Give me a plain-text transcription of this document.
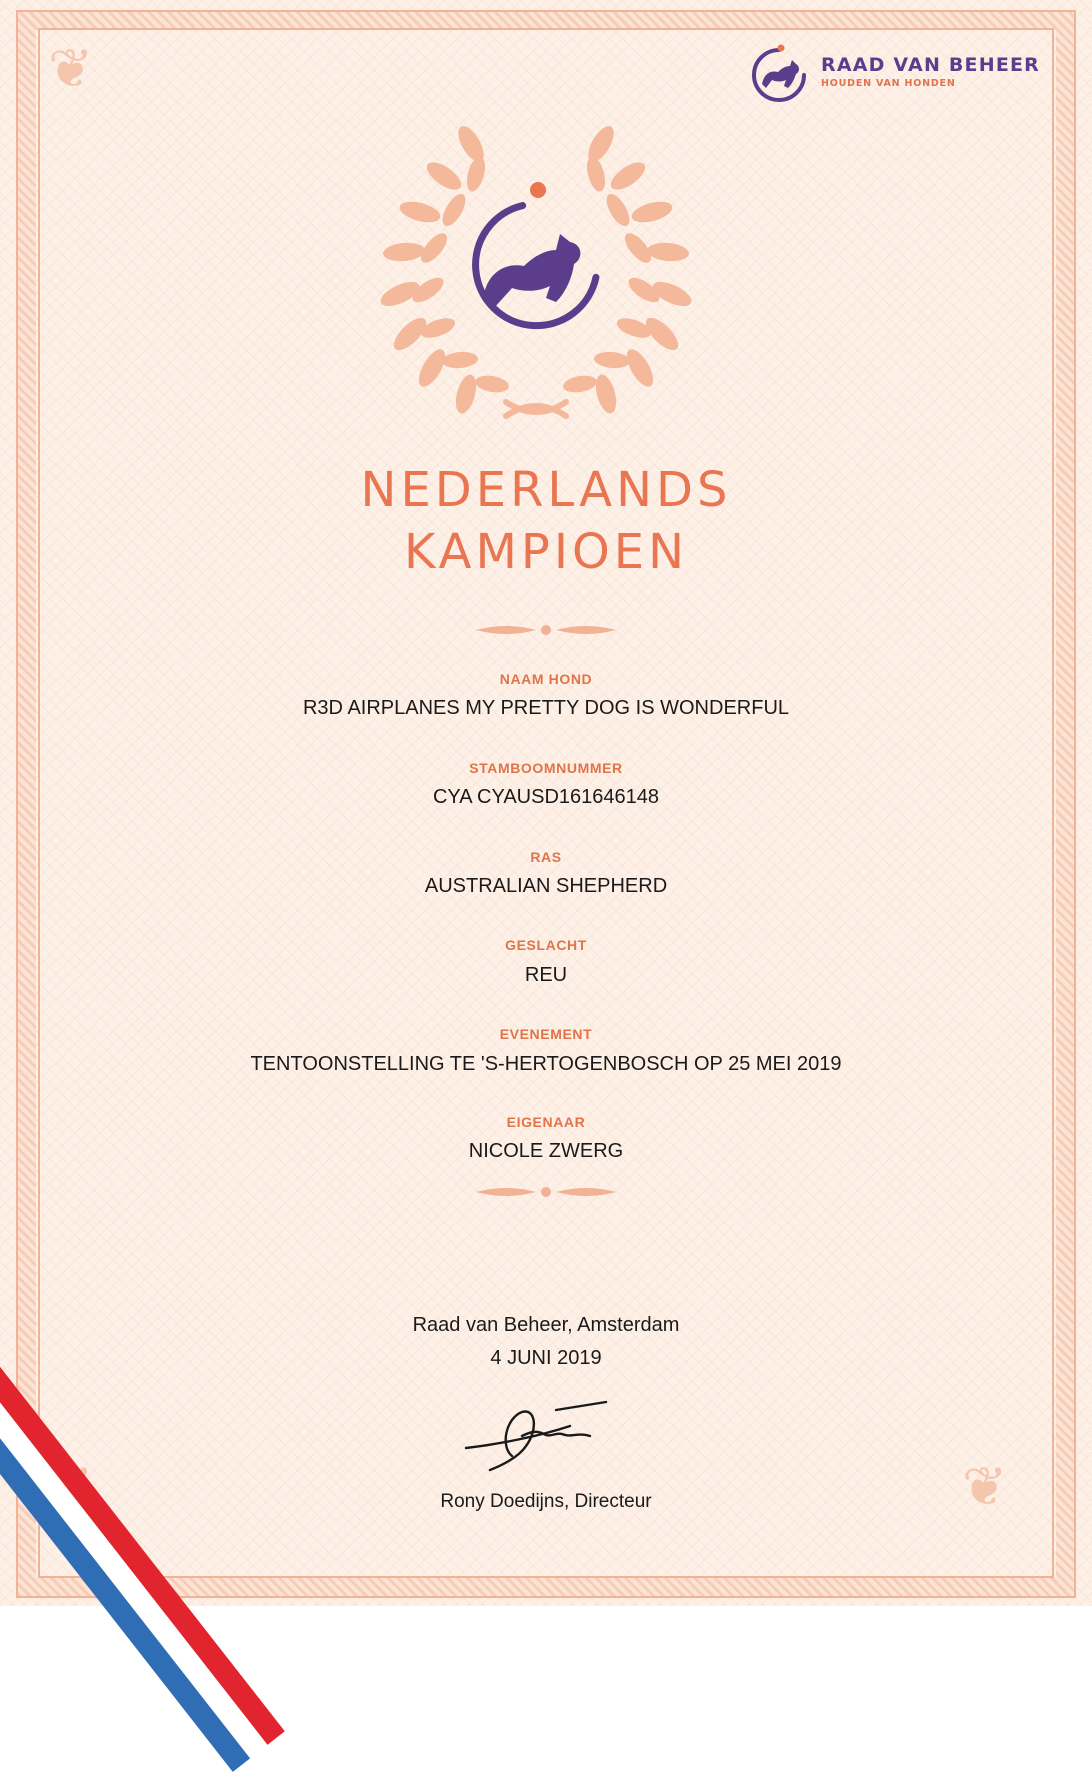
❦
❦
RAAD VAN BEHEER
HOUDEN VAN HONDEN
NEDERLANDS
KAMPIOEN
NAAM HOND
R3D AIRPLANES MY PRETTY DOG IS WONDERFUL
STAMBOOMNUMMER
CYA CYAUSD161646148
RAS
AUSTRALIAN SHEPHERD
GESLACHT
REU
EVENEMENT
TENTOONSTELLING TE 'S-HERTOGENBOSCH OP 25 MEI 2019
EIGENAAR
NICOLE ZWERG
Raad van Beheer, Amsterdam
4 JUNI 2019
Rony Doedijns, Directeur
